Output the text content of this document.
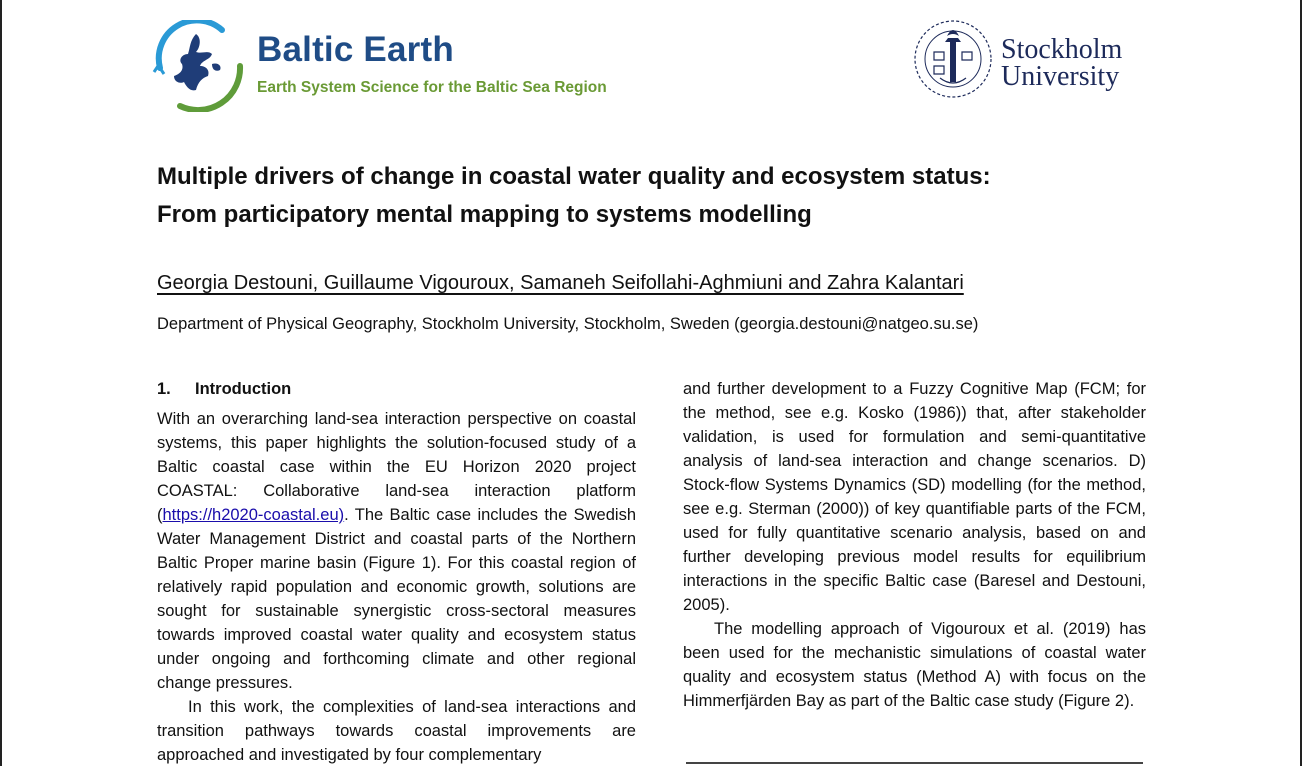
Baltic Earth
Earth System Science for the Baltic Sea Region
Stockholm
University
Multiple drivers of change in coastal water quality and ecosystem status:
From participatory mental mapping to systems modelling
Georgia Destouni, Guillaume Vigouroux, Samaneh Seifollahi-Aghmiuni and Zahra Kalantari
Department of Physical Geography, Stockholm University, Stockholm, Sweden (georgia.destouni@natgeo.su.se)
1. Introduction

With an overarching land-sea interaction perspective on coastal systems, this paper highlights the solution-focused study of a Baltic coastal case within the EU Horizon 2020 project COASTAL: Collaborative land-sea interaction platform (https://h2020-coastal.eu). The Baltic case includes the Swedish Water Management District and coastal parts of the Northern Baltic Proper marine basin (Figure 1). For this coastal region of relatively rapid population and economic growth, solutions are sought for sustainable synergistic cross-sectoral measures towards improved coastal water quality and ecosystem status under ongoing and forthcoming climate and other regional change pressures.

In this work, the complexities of land-sea interactions and transition pathways towards coastal improvements are approached and investigated by four complementary

and further development to a Fuzzy Cognitive Map (FCM; for the method, see e.g. Kosko (1986)) that, after stakeholder validation, is used for formulation and semi-quantitative analysis of land-sea interaction and change scenarios. D) Stock-flow Systems Dynamics (SD) modelling (for the method, see e.g. Sterman (2000)) of key quantifiable parts of the FCM, used for fully quantitative scenario analysis, based on and further developing previous model results for equilibrium interactions in the specific Baltic case (Baresel and Destouni, 2005).

The modelling approach of Vigouroux et al. (2019) has been used for the mechanistic simulations of coastal water quality and ecosystem status (Method A) with focus on the Himmerfjärden Bay as part of the Baltic case study (Figure 2).
